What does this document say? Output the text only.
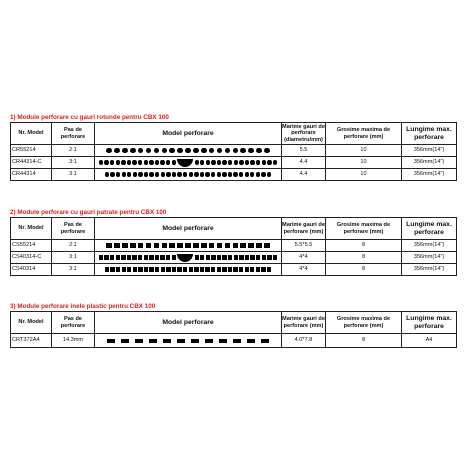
1) Module perforare cu gauri rotunde pentru CBX 100
Nr. Model	Pas de perforare	Model perforare	Marime gauri de perforare (diametru/mm)	Grosime maxima de perforare (mm)	Lungime max. perforare
CR55214	2:1		5.5	10	356mm(14")
CR44314-C	3:1		4.4	10	356mm(14")
CR44314	3:1		4.4	10	356mm(14")
2) Module perforare cu gauri patrate pentru CBX 100
Nr. Model	Pas de perforare	Model perforare	Marime gauri de perforare (mm)	Grosime maxima de perforare (mm)	Lungime max. perforare
CS55214	2:1		5.5*5.5	8	356mm(14")
CS40314-C	3:1		4*4	8	356mm(14")
CS40314	3:1		4*4	8	356mm(14")
3) Module perforare inele plastic pentru CBX 100
Nr. Model	Pas de perforare	Model perforare	Marime gauri de perforare (mm)	Grosime maxima de perforare (mm)	Lungime max. perforare
CRT372A4	14.3mm		4.0*7.8	8	A4
